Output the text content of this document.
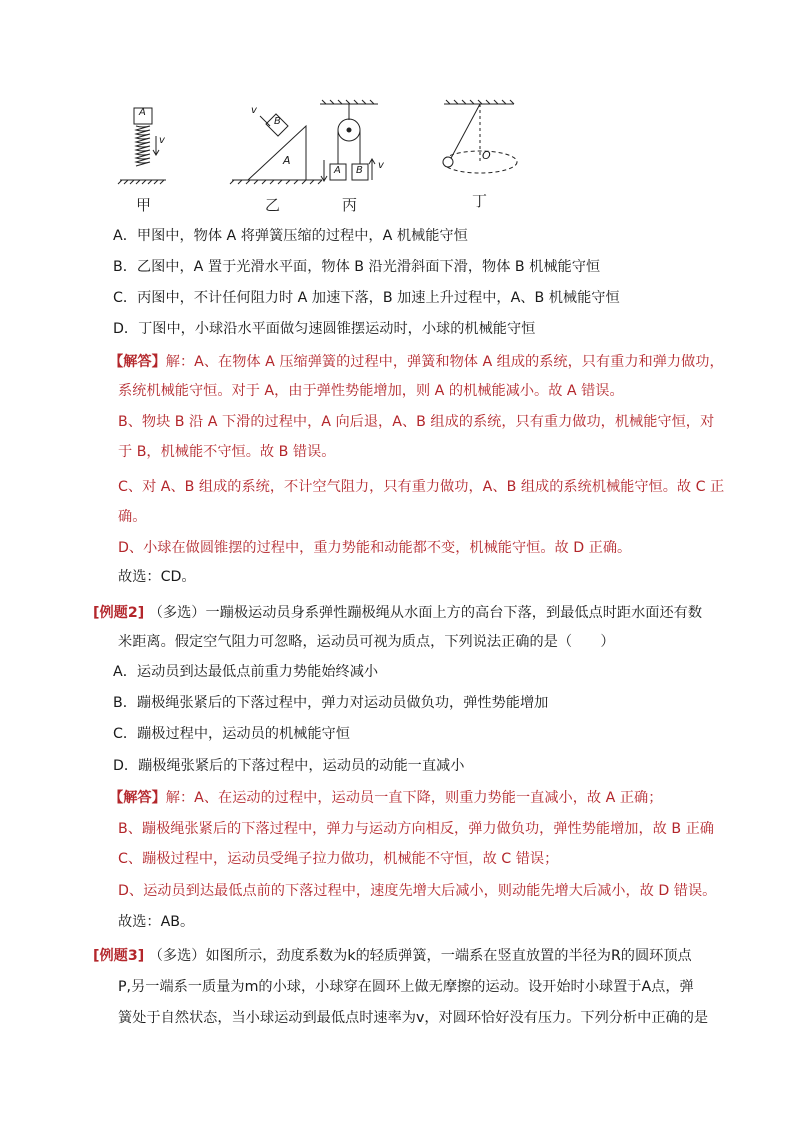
A
v
B
A
v
A B v
O
甲	乙	丙	丁
A．甲图中，物体 A 将弹簧压缩的过程中，A 机械能守恒
B．乙图中，A 置于光滑水平面，物体 B 沿光滑斜面下滑，物体 B 机械能守恒
C．丙图中，不计任何阻力时 A 加速下落，B 加速上升过程中，A、B 机械能守恒
D．丁图中，小球沿水平面做匀速圆锥摆运动时，小球的机械能守恒
【解答】解：A、在物体 A 压缩弹簧的过程中，弹簧和物体 A 组成的系统，只有重力和弹力做功，
系统机械能守恒。对于 A，由于弹性势能增加，则 A 的机械能减小。故 A 错误。
B、物块 B 沿 A 下滑的过程中，A 向后退，A、B 组成的系统，只有重力做功，机械能守恒，对
于 B，机械能不守恒。故 B 错误。
C、对 A、B 组成的系统，不计空气阻力，只有重力做功，A、B 组成的系统机械能守恒。故 C 正
确。
D、小球在做圆锥摆的过程中，重力势能和动能都不变，机械能守恒。故 D 正确。
故选：CD。
[例题2] （多选）一蹦极运动员身系弹性蹦极绳从水面上方的高台下落，到最低点时距水面还有数
米距离。假定空气阻力可忽略，运动员可视为质点，下列说法正确的是（　　）
A．运动员到达最低点前重力势能始终减小
B．蹦极绳张紧后的下落过程中，弹力对运动员做负功，弹性势能增加
C．蹦极过程中，运动员的机械能守恒
D．蹦极绳张紧后的下落过程中，运动员的动能一直减小
【解答】解：A、在运动的过程中，运动员一直下降，则重力势能一直减小，故 A 正确；
B、蹦极绳张紧后的下落过程中，弹力与运动方向相反，弹力做负功，弹性势能增加，故 B 正确
C、蹦极过程中，运动员受绳子拉力做功，机械能不守恒，故 C 错误；
D、运动员到达最低点前的下落过程中，速度先增大后减小，则动能先增大后减小，故 D 错误。
故选：AB。
[例题3] （多选）如图所示，劲度系数为k的轻质弹簧，一端系在竖直放置的半径为R的圆环顶点
P,另一端系一质量为m的小球，小球穿在圆环上做无摩擦的运动。设开始时小球置于A点，弹
簧处于自然状态，当小球运动到最低点时速率为v，对圆环恰好没有压力。下列分析中正确的是
